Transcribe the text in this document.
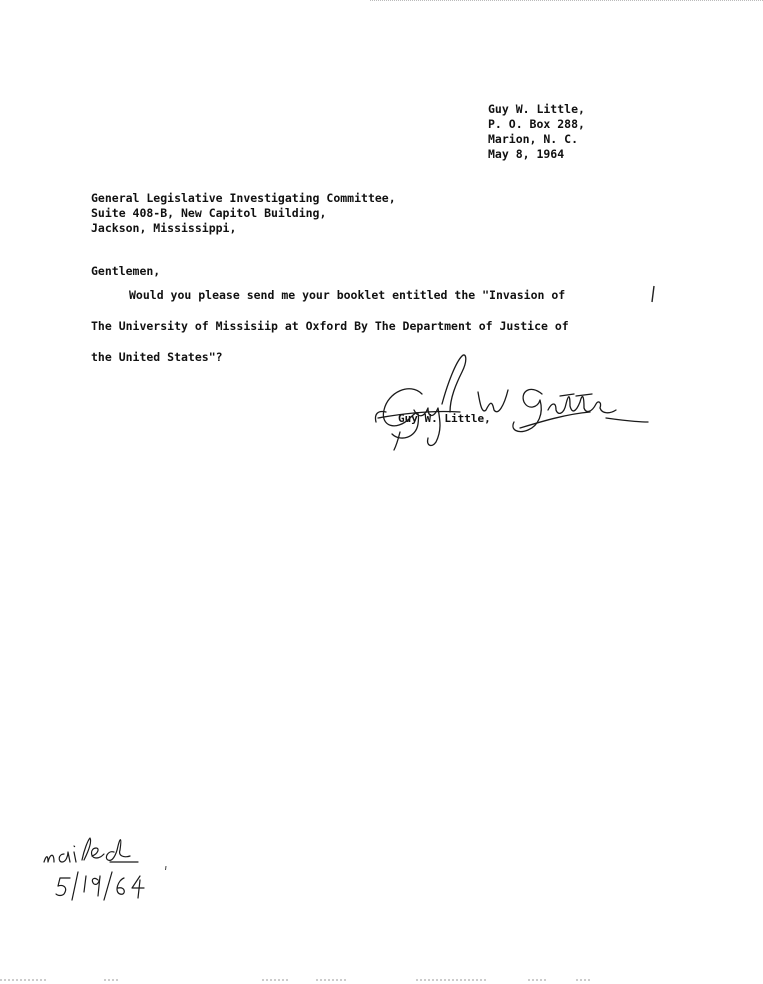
Guy W. Little,
P. O. Box 288,
Marion, N. C.
May 8, 1964
General Legislative Investigating Committee,
Suite 408-B, New Capitol Building,
Jackson, Mississippi,
Gentlemen,
Would you please send me your booklet entitled the "Invasion of
The University of Missisiip at Oxford By The Department of Justice of
the United States"?
Guy W. Little,
